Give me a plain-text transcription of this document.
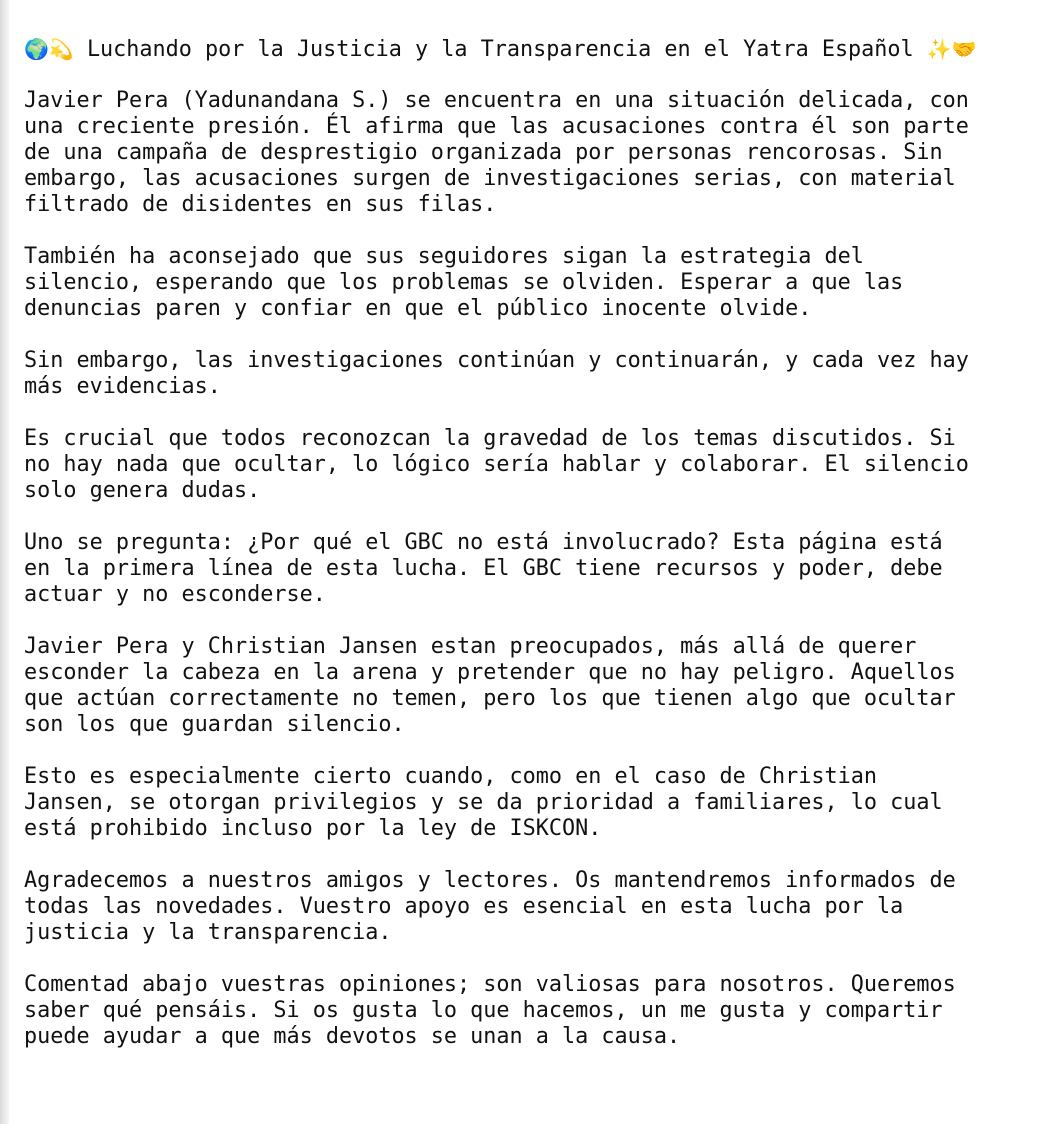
🌍💫 Luchando por la Justicia y la Transparencia en el Yatra Español ✨🤝
Javier Pera (Yadunandana S.) se encuentra en una situación delicada, con
una creciente presión. Él afirma que las acusaciones contra él son parte
de una campaña de desprestigio organizada por personas rencorosas. Sin
embargo, las acusaciones surgen de investigaciones serias, con material
filtrado de disidentes en sus filas.
También ha aconsejado que sus seguidores sigan la estrategia del
silencio, esperando que los problemas se olviden. Esperar a que las
denuncias paren y confiar en que el público inocente olvide.
Sin embargo, las investigaciones continúan y continuarán, y cada vez hay
más evidencias.
Es crucial que todos reconozcan la gravedad de los temas discutidos. Si
no hay nada que ocultar, lo lógico sería hablar y colaborar. El silencio
solo genera dudas.
Uno se pregunta: ¿Por qué el GBC no está involucrado? Esta página está
en la primera línea de esta lucha. El GBC tiene recursos y poder, debe
actuar y no esconderse.
Javier Pera y Christian Jansen estan preocupados, más allá de querer
esconder la cabeza en la arena y pretender que no hay peligro. Aquellos
que actúan correctamente no temen, pero los que tienen algo que ocultar
son los que guardan silencio.
Esto es especialmente cierto cuando, como en el caso de Christian
Jansen, se otorgan privilegios y se da prioridad a familiares, lo cual
está prohibido incluso por la ley de ISKCON.
Agradecemos a nuestros amigos y lectores. Os mantendremos informados de
todas las novedades. Vuestro apoyo es esencial en esta lucha por la
justicia y la transparencia.
Comentad abajo vuestras opiniones; son valiosas para nosotros. Queremos
saber qué pensáis. Si os gusta lo que hacemos, un me gusta y compartir
puede ayudar a que más devotos se unan a la causa.
